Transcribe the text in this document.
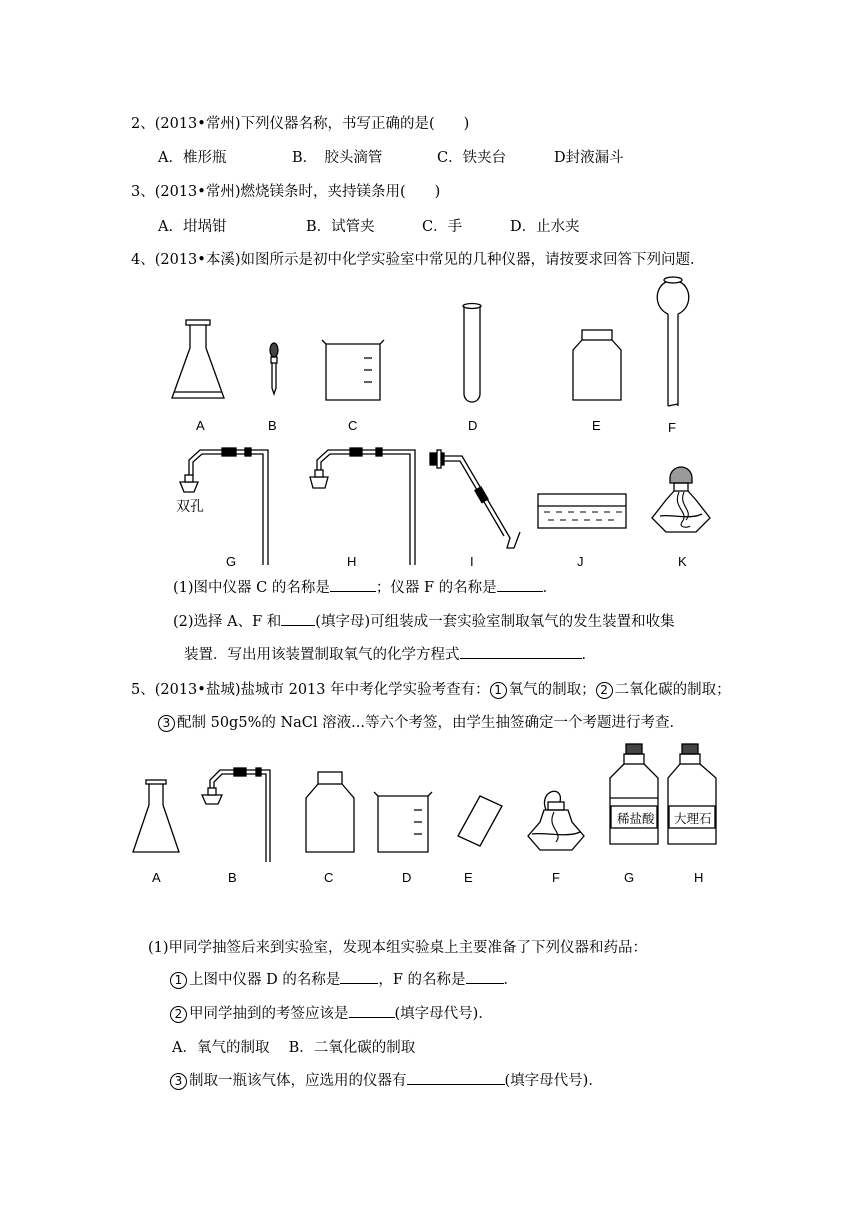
2、(2013•常州)下列仪器名称，书写正确的是(　　)
A．椎形瓶	B．　胶头滴管	C．铁夹台	D封液漏斗
3、(2013•常州)燃烧镁条时，夹持镁条用(　　)
A．坩埚钳	B．试管夹	C．手	D．止水夹
4、(2013•本溪)如图所示是初中化学实验室中常见的几种仪器，请按要求回答下列问题．
A	B	C	D	E	F
双孔
G	H	I	J	K
(1)图中仪器 C 的名称是	；仪器 F 的名称是	．
(2)选择 A、F 和 (填字母)可组装成一套实验室制取氧气的发生装置和收集
装置．写出用该装置制取氧气的化学方程式	．
5、(2013•盐城)盐城市 2013 年中考化学实验考查有： 1 氧气的制取； 2 二氧化碳的制取；
3 配制 50g5%的 NaCl 溶液...等六个考签，由学生抽签确定一个考题进行考查．
稀盐酸 大理石
A	B	C	D	E	F	G	H
(1)甲同学抽签后来到实验室，发现本组实验桌上主要准备了下列仪器和药品：
1 上图中仪器 D 的名称是	，F 的名称是	．
2 甲同学抽到的考签应该是	(填字母代号)．
A．氧气的制取　 B．二氧化碳的制取
3 制取一瓶该气体，应选用的仪器有	(填字母代号)．
